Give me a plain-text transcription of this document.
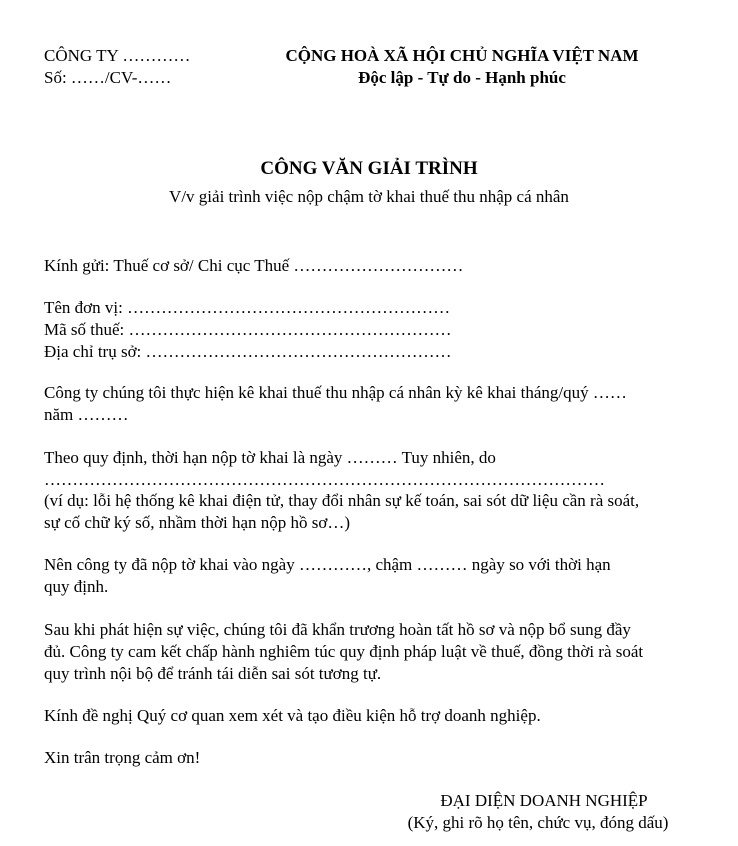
CÔNG TY …………
Số: ……/CV-……
CỘNG HOÀ XÃ HỘI CHỦ NGHĨA VIỆT NAM
Độc lập - Tự do - Hạnh phúc
CÔNG VĂN GIẢI TRÌNH
V/v giải trình việc nộp chậm tờ khai thuế thu nhập cá nhân
Kính gửi: Thuế cơ sở/ Chi cục Thuế …………………………
Tên đơn vị: …………………………………………………
Mã số thuế: …………………………………………………
Địa chỉ trụ sở: ………………………………………………
Công ty chúng tôi thực hiện kê khai thuế thu nhập cá nhân kỳ kê khai tháng/quý ……
năm ………
Theo quy định, thời hạn nộp tờ khai là ngày ……… Tuy nhiên, do
………………………………………………………………………………………
(ví dụ: lỗi hệ thống kê khai điện tử, thay đổi nhân sự kế toán, sai sót dữ liệu cần rà soát,
sự cố chữ ký số, nhầm thời hạn nộp hồ sơ…)
Nên công ty đã nộp tờ khai vào ngày …………, chậm ……… ngày so với thời hạn
quy định.
Sau khi phát hiện sự việc, chúng tôi đã khẩn trương hoàn tất hồ sơ và nộp bổ sung đầy
đủ. Công ty cam kết chấp hành nghiêm túc quy định pháp luật về thuế, đồng thời rà soát
quy trình nội bộ để tránh tái diễn sai sót tương tự.
Kính đề nghị Quý cơ quan xem xét và tạo điều kiện hỗ trợ doanh nghiệp.
Xin trân trọng cảm ơn!
ĐẠI DIỆN DOANH NGHIỆP
(Ký, ghi rõ họ tên, chức vụ, đóng dấu)
